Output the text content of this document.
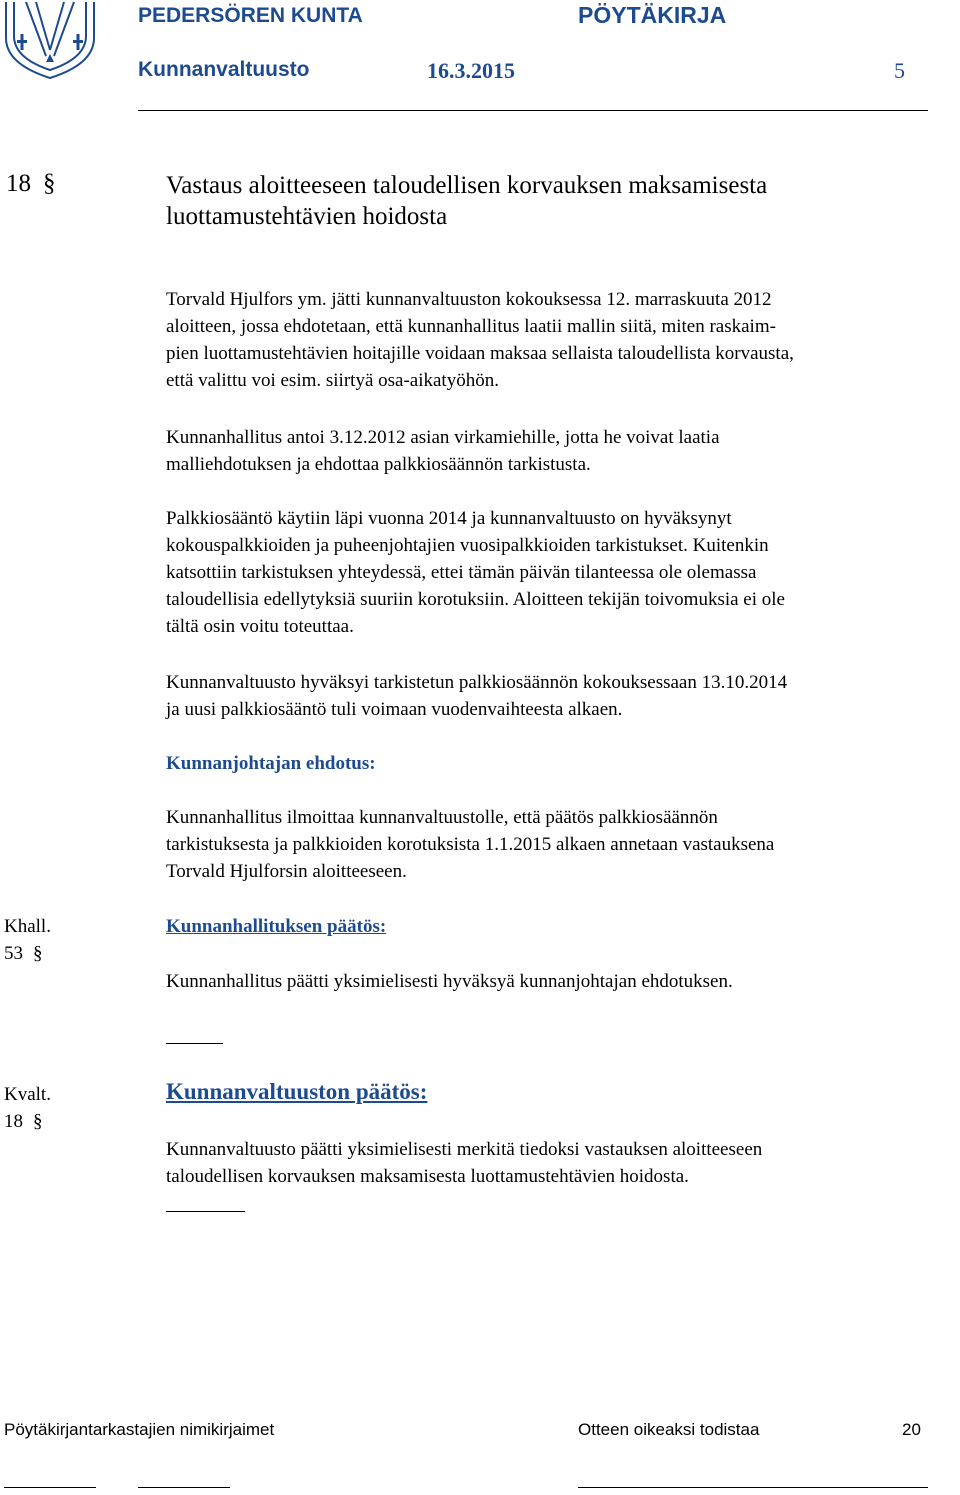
PEDERSÖREN KUNTA	PÖYTÄKIRJA
Kunnanvaltuusto	16.3.2015	5
18 §	Vastaus aloitteeseen taloudellisen korvauksen maksamisesta
luottamustehtävien hoidosta

Torvald Hjulfors ym. jätti kunnanvaltuuston kokouksessa 12. marraskuuta 2012

aloitteen, jossa ehdotetaan, että kunnanhallitus laatii mallin siitä, miten raskaim-

pien luottamustehtävien hoitajille voidaan maksaa sellaista taloudellista korvausta,

että valittu voi esim. siirtyä osa-aikatyöhön.

Kunnanhallitus antoi 3.12.2012 asian virkamiehille, jotta he voivat laatia

malliehdotuksen ja ehdottaa palkkiosäännön tarkistusta.

Palkkiosääntö käytiin läpi vuonna 2014 ja kunnanvaltuusto on hyväksynyt

kokouspalkkioiden ja puheenjohtajien vuosipalkkioiden tarkistukset. Kuitenkin

katsottiin tarkistuksen yhteydessä, ettei tämän päivän tilanteessa ole olemassa

taloudellisia edellytyksiä suuriin korotuksiin. Aloitteen tekijän toivomuksia ei ole

tältä osin voitu toteuttaa.

Kunnanvaltuusto hyväksyi tarkistetun palkkiosäännön kokouksessaan 13.10.2014

ja uusi palkkiosääntö tuli voimaan vuodenvaihteesta alkaen.

Kunnanjohtajan ehdotus:

Kunnanhallitus ilmoittaa kunnanvaltuustolle, että päätös palkkiosäännön

tarkistuksesta ja palkkioiden korotuksista 1.1.2015 alkaen annetaan vastauksena

Torvald Hjulforsin aloitteeseen.

Khall.
53 §
Kunnanhallituksen päätös:
Kunnanhallitus päätti yksimielisesti hyväksyä kunnanjohtajan ehdotuksen.
Kvalt.
18 §
Kunnanvaltuuston päätös:

Kunnanvaltuusto päätti yksimielisesti merkitä tiedoksi vastauksen aloitteeseen

taloudellisen korvauksen maksamisesta luottamustehtävien hoidosta.

Pöytäkirjantarkastajien nimikirjaimet	Otteen oikeaksi todistaa	20
